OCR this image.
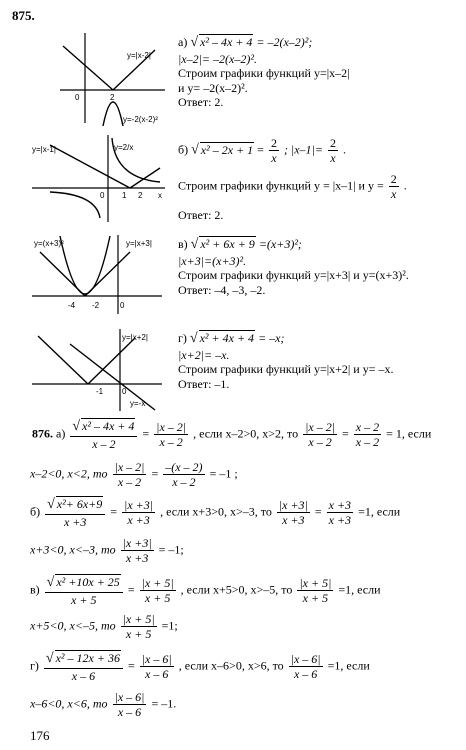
875.
y=|x-2|
y=-2(x-2)²
0	2
а) √ x² – 4x + 4 = –2(x–2)²;
|x–2|= –2(x–2)².
Строим графики функций y=|x–2|
и y= –2(x–2)².
Ответ: 2.
y=|x-1|	y=2/x
0 1 2 x
б) √ $x^2 - 2x + 1 = \frac{2}{x}$ ; $|x-1|= \frac{2}{x}$ .
Строим графики функций y = |x–1| и $y = \frac{2}{x}$ .
Ответ: 2.
y=(x+3)²	y=|x+3|
-4 -2	0
в) √ x² + 6x + 9 =(x+3)²;
|x+3|=(x+3)².
Строим графики функций y=|x+3| и y=(x+3)².
Ответ: –4, –3, –2.
y=|x+2|
y=-x
-1 0
г) √ x² + 4x + 4 = –x;
|x+2|= –x.
Строим графики функций y=|x+2| и y= –x.
Ответ: –1.
876. $а) \frac{\text{√ x² – 4x + 4}}{x - 2} = \frac{|x - 2|}{x - 2}$ , если x–2>0, x>2, то $\frac{|x - 2|}{x - 2} = \frac{x - 2}{x - 2} = 1$, если
x–2<0, x<2, то $\frac{|x - 2|}{x - 2} = \frac{-(x - 2)}{x - 2} = -1$ ;
$б) \frac{\text{√ x²+ 6x+9}}{x +3} = \frac{|x +3|}{x +3}$ , если x+3>0, x>–3, то $\frac{|x +3|}{x +3} = \frac{x +3}{x +3} =1$, если
x+3<0, x<–3, то $\frac{|x +3|}{x +3} = -1$;
$в) \frac{\text{√ x² +10x + 25}}{x + 5} = \frac{|x + 5|}{x + 5}$ , если x+5>0, x>–5, то $\frac{|x + 5|}{x + 5} =1$, если
x+5<0, x<–5, то $\frac{|x + 5|}{x + 5} =1$;
$г) \frac{\text{√ x² – 12x + 36}}{x - 6} = \frac{|x - 6|}{x - 6}$ , если x–6>0, x>6, то $\frac{|x - 6|}{x - 6} =1$, если
x–6<0, x<6, то $\frac{|x - 6|}{x - 6} = -1$.
176
